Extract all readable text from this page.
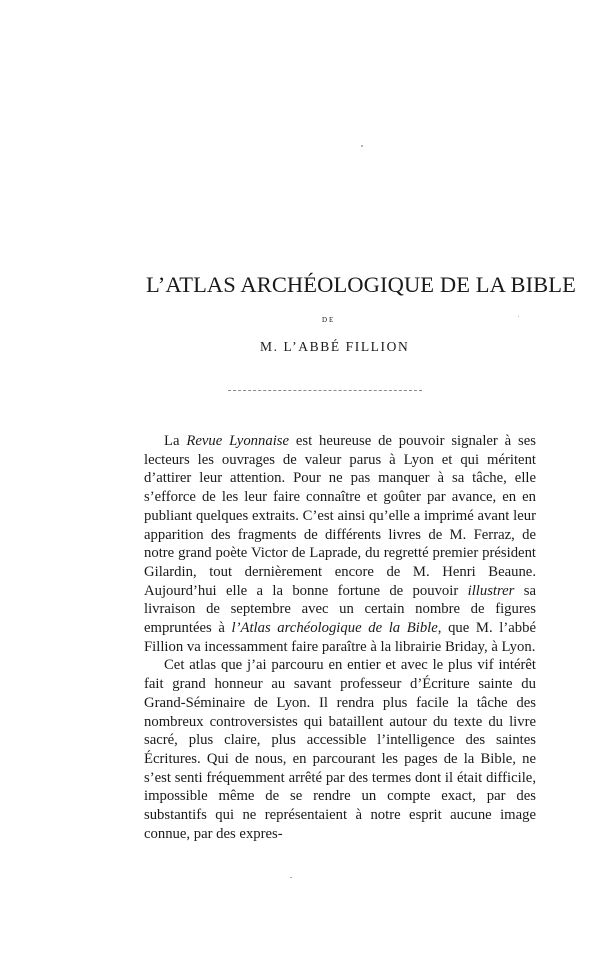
L’ATLAS ARCHÉOLOGIQUE DE LA BIBLE
DE
M. L’ABBÉ FILLION

La Revue Lyonnaise est heureuse de pouvoir signaler à ses lecteurs les ouvrages de valeur parus à Lyon et qui méritent d’attirer leur attention. Pour ne pas manquer à sa tâche, elle s’efforce de les leur faire connaître et goûter par avance, en en publiant quelques extraits. C’est ainsi qu’elle a imprimé avant leur apparition des fragments de différents livres de M. Ferraz, de notre grand poète Victor de Laprade, du regretté premier président Gilardin, tout dernièrement encore de M. Henri Beaune. Aujourd’hui elle a la bonne fortune de pouvoir illustrer sa livraison de septembre avec un certain nombre de figures empruntées à l’Atlas archéologique de la Bible, que M. l’abbé Fillion va incessamment faire paraître à la librairie Briday, à Lyon.

Cet atlas que j’ai parcouru en entier et avec le plus vif intérêt fait grand honneur au savant professeur d’Écriture sainte du Grand-Séminaire de Lyon. Il rendra plus facile la tâche des nombreux controversistes qui bataillent autour du texte du livre sacré, plus claire, plus accessible l’intelligence des saintes Écritures. Qui de nous, en parcourant les pages de la Bible, ne s’est senti fréquemment arrêté par des termes dont il était difficile, impossible même de se rendre un compte exact, par des substantifs qui ne représentaient à notre esprit aucune image connue, par des expres-
